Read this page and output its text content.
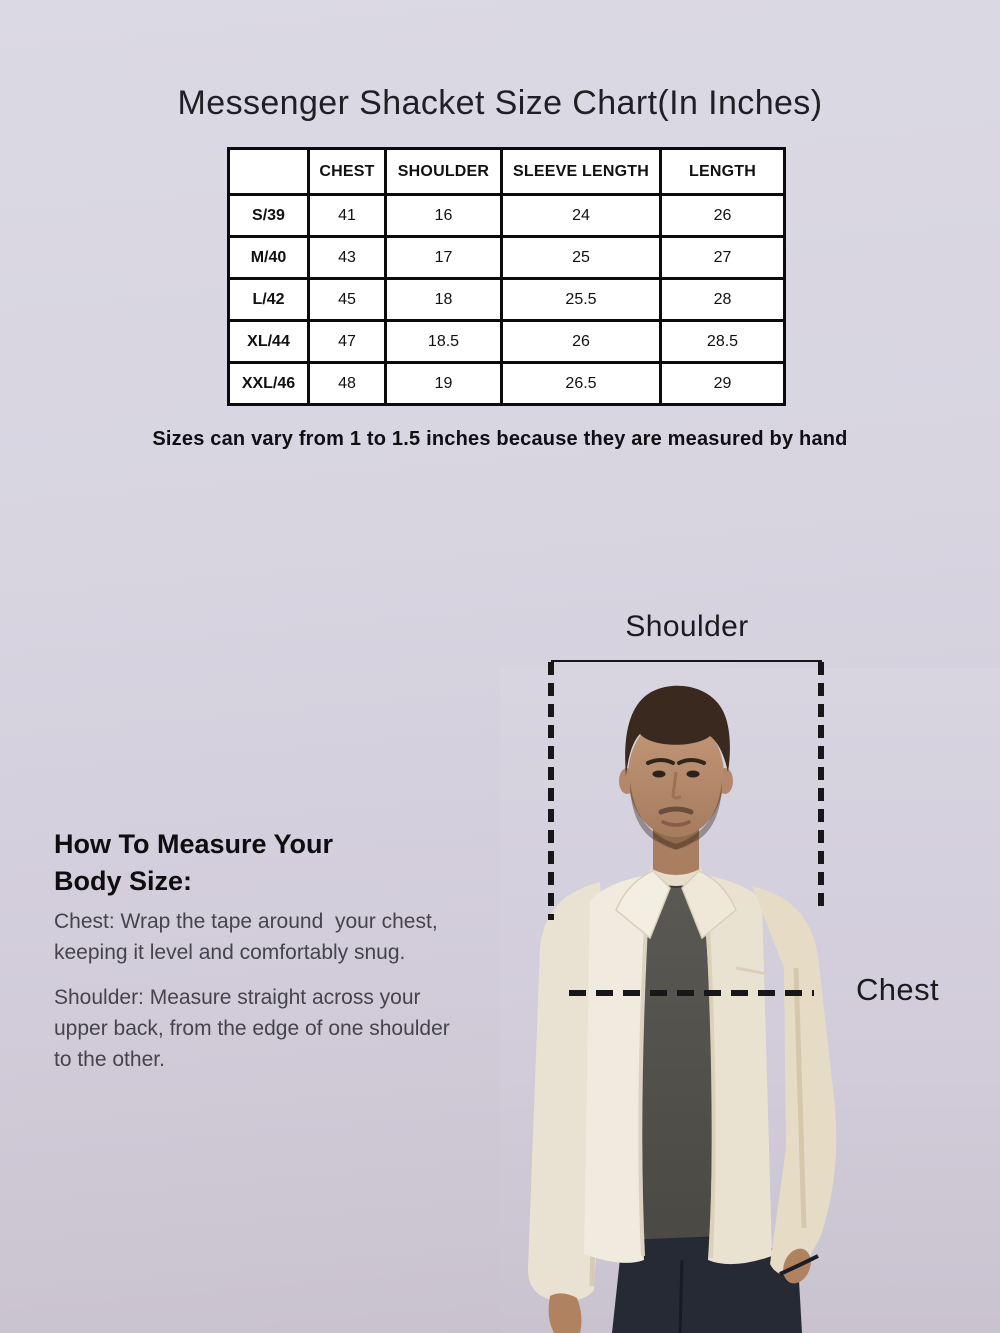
Messenger Shacket Size Chart(In Inches)
	CHEST	SHOULDER	SLEEVE LENGTH	LENGTH
S/39	41	16	24	26
M/40	43	17	25	27
L/42	45	18	25.5	28
XL/44	47	18.5	26	28.5
XXL/46	48	19	26.5	29
Sizes can vary from 1 to 1.5 inches because they are measured by hand
How To Measure Your Body Size:

Chest: Wrap the tape around  your chest, keeping it level and comfortably snug.

Shoulder: Measure straight across your upper back, from the edge of one shoulder to the other.

Shoulder
Chest
